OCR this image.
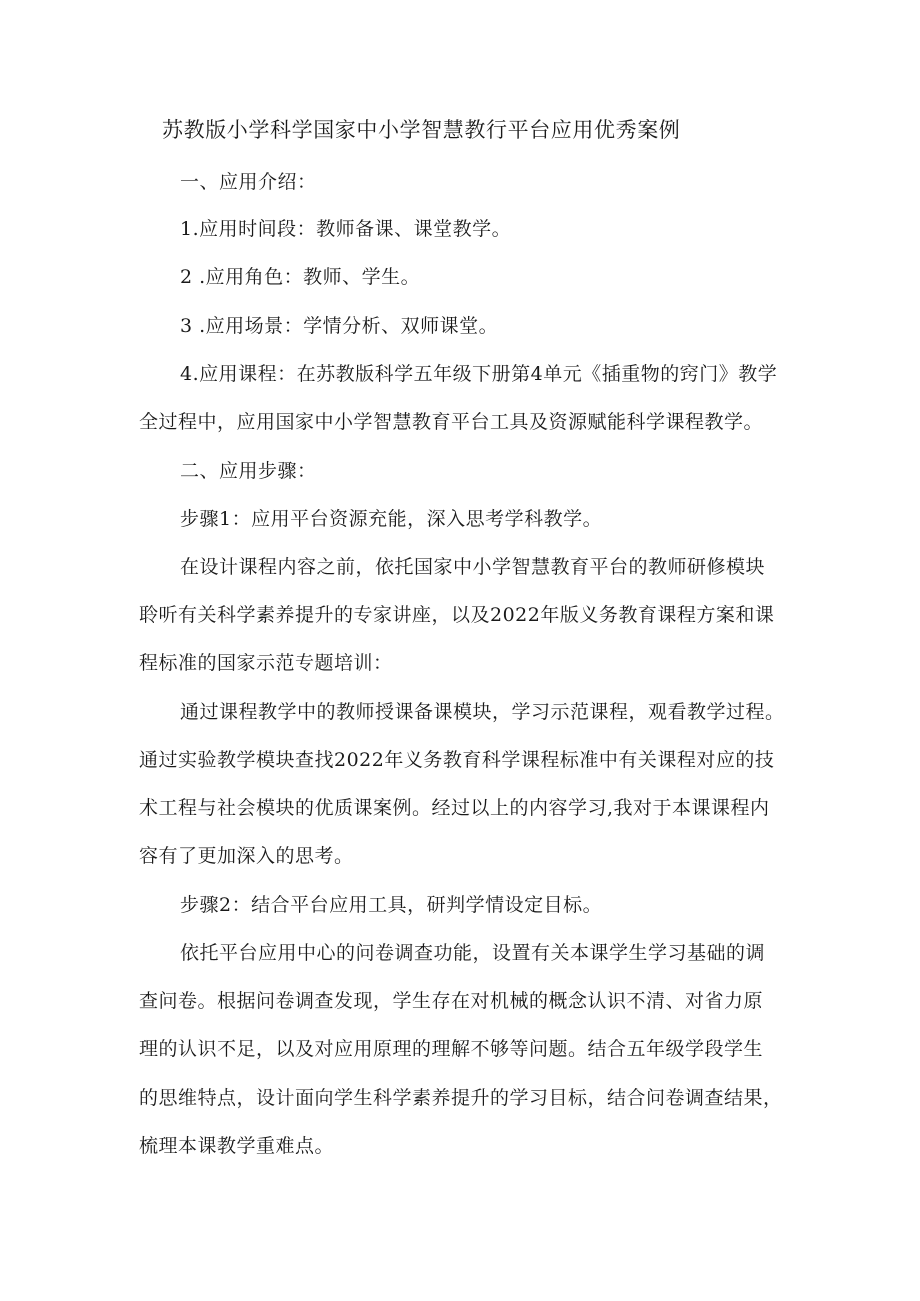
苏教版小学科学国家中小学智慧教行平台应用优秀案例
一、应用介绍：
1.应用时间段：教师备课、课堂教学。
2 .应用角色：教师、学生。
3 .应用场景：学情分析、双师课堂。
4.应用课程：在苏教版科学五年级下册第4单元《插重物的窍门》教学
全过程中，应用国家中小学智慧教育平台工具及资源赋能科学课程教学。
二、应用步骤：
步骤1：应用平台资源充能，深入思考学科教学。
在设计课程内容之前，依托国家中小学智慧教育平台的教师研修模块
聆听有关科学素养提升的专家讲座，以及2022年版义务教育课程方案和课
程标准的国家示范专题培训：
通过课程教学中的教师授课备课模块，学习示范课程，观看教学过程。
通过实验教学模块查找2022年义务教育科学课程标准中有关课程对应的技
术工程与社会模块的优质课案例。经过以上的内容学习,我对于本课课程内
容有了更加深入的思考。
步骤2：结合平台应用工具，研判学情设定目标。
依托平台应用中心的问卷调查功能，设置有关本课学生学习基础的调
查问卷。根据问卷调查发现，学生存在对机械的概念认识不清、对省力原
理的认识不足，以及对应用原理的理解不够等问题。结合五年级学段学生
的思维特点，设计面向学生科学素养提升的学习目标，结合问卷调查结果，
梳理本课教学重难点。
